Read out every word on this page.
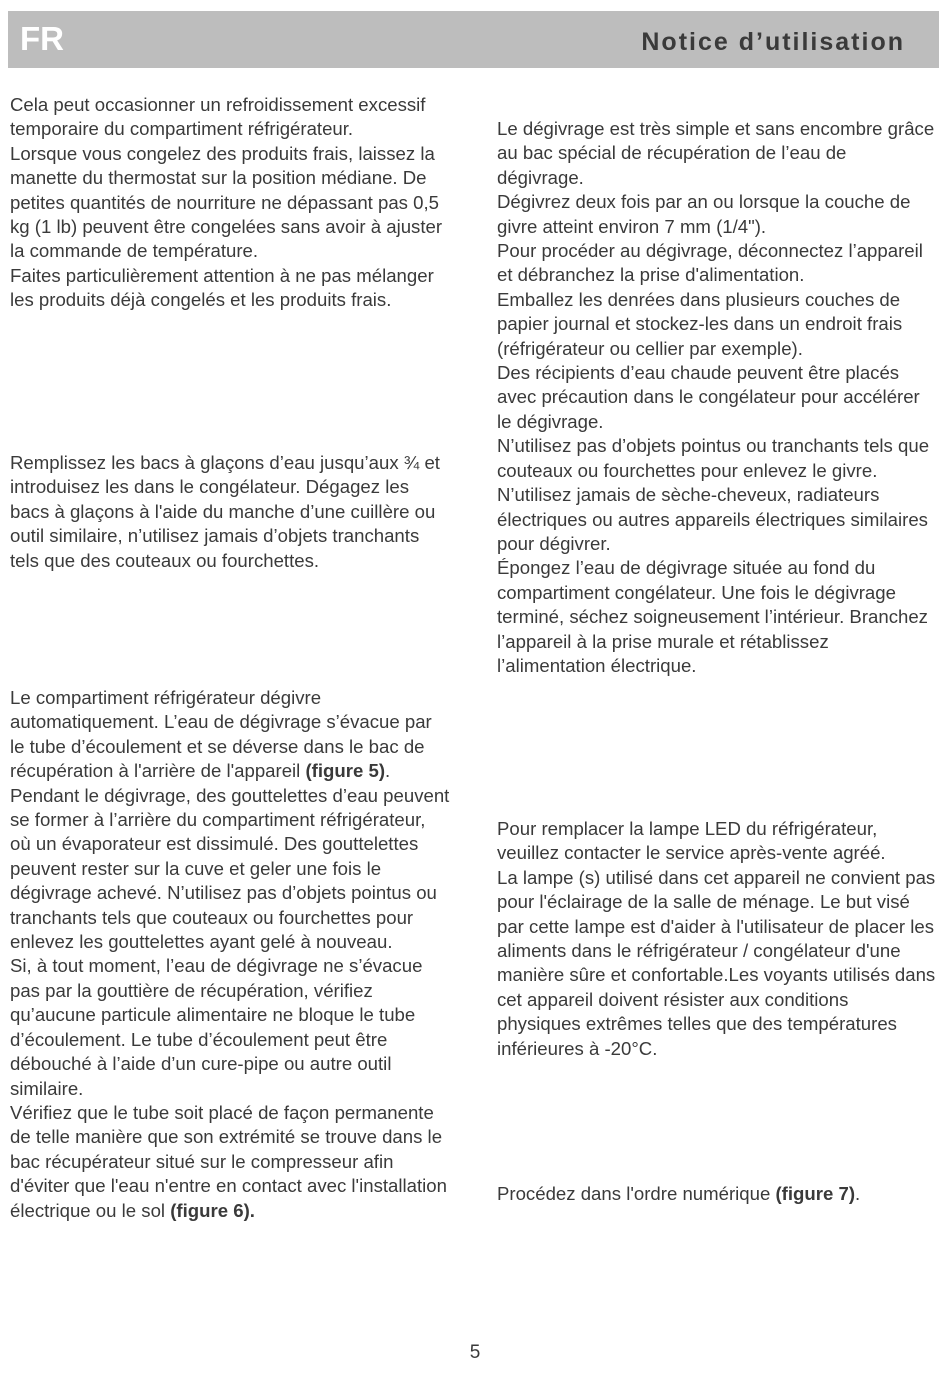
FR	Notice d’utilisation

Cela peut occasionner un refroidissement excessif temporaire du compartiment réfrigérateur.

Lorsque vous congelez des produits frais, laissez la manette du thermostat sur la position médiane. De petites quantités de nourriture ne dépassant pas 0,5 kg (1 lb) peuvent être congelées sans avoir à ajuster la commande de température.

Faites particulièrement attention à ne pas mélanger les produits déjà congelés et les produits frais.

Remplissez les bacs à glaçons d’eau jusqu’aux ¾ et introduisez les dans le congélateur. Dégagez les bacs à glaçons à l'aide du manche d’une cuillère ou outil similaire, n’utilisez jamais d’objets tranchants tels que des couteaux ou fourchettes.

Le compartiment réfrigérateur dégivre automatiquement. L’eau de dégivrage s’évacue par le tube d’écoulement et se déverse dans le bac de récupération à l'arrière de l'appareil (figure 5).

Pendant le dégivrage, des gouttelettes d’eau peuvent se former à l’arrière du compartiment réfrigérateur, où un évaporateur est dissimulé. Des gouttelettes peuvent rester sur la cuve et geler une fois le dégivrage achevé. N’utilisez pas d’objets pointus ou tranchants tels que couteaux ou fourchettes pour enlevez les gouttelettes ayant gelé à nouveau.

Si, à tout moment, l’eau de dégivrage ne s’évacue pas par la gouttière de récupération, vérifiez qu’aucune particule alimentaire ne bloque le tube d’écoulement. Le tube d’écoulement peut être débouché à l’aide d’un cure-pipe ou autre outil similaire.

Vérifiez que le tube soit placé de façon permanente de telle manière que son extrémité se trouve dans le bac récupérateur situé sur le compresseur afin d'éviter que l'eau n'entre en contact avec l'installation électrique ou le sol (figure 6).

Le dégivrage est très simple et sans encombre grâce au bac spécial de récupération de l’eau de dégivrage.

Dégivrez deux fois par an ou lorsque la couche de givre atteint environ 7 mm (1/4").

Pour procéder au dégivrage, déconnectez l’appareil et débranchez la prise d'alimentation.

Emballez les denrées dans plusieurs couches de papier journal et stockez-les dans un endroit frais (réfrigérateur ou cellier par exemple).

Des récipients d’eau chaude peuvent être placés avec précaution dans le congélateur pour accélérer le dégivrage.

N’utilisez pas d’objets pointus ou tranchants tels que couteaux ou fourchettes pour enlevez le givre.

N’utilisez jamais de sèche-cheveux, radiateurs électriques ou autres appareils électriques similaires pour dégivrer.

Épongez l’eau de dégivrage située au fond du compartiment congélateur. Une fois le dégivrage terminé, séchez soigneusement l’intérieur. Branchez l’appareil à la prise murale et rétablissez l’alimentation électrique.

Pour remplacer la lampe LED du réfrigérateur, veuillez contacter le service après-vente agréé.

La lampe (s) utilisé dans cet appareil ne convient pas pour l'éclairage de la salle de ménage. Le but visé par cette lampe est d'aider à l'utilisateur de placer les aliments dans le réfrigérateur / congélateur d'une manière sûre et confortable.Les voyants utilisés dans cet appareil doivent résister aux conditions physiques extrêmes telles que des températures inférieures à -20°C.

Procédez dans l'ordre numérique (figure 7).

5
